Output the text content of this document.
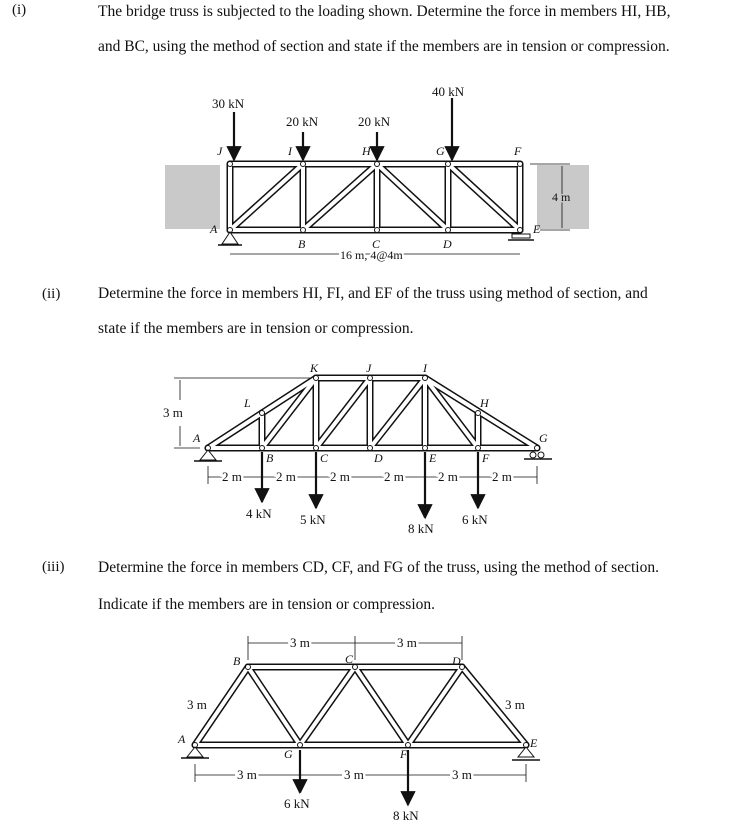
(i)	The bridge truss is subjected to the loading shown. Determine the force in members HI, HB,
and BC, using the method of section and state if the members are in tension or compression.
(ii) Determine the force in members HI, FI, and EF of the truss using method of section, and
state if the members are in tension or compression.
(iii) Determine the force in members CD, CF, and FG of the truss, using the method of section.
Indicate if the members are in tension or compression.
30 kN
20 kN	20 kN
40 kN
J	I	H	G	F
A
B	C	D
E
16 m, 4@4m
4 m
K	J	I
H
L
G
A
B	C	D	E	F
3 m
2 m	2 m	2 m	2 m	2 m	2 m
4 kN 5 kN
8 kN
6 kN
B	C	D
A	E
G	F
3 m	3 m
3 m	3 m
3 m	3 m	3 m
6 kN
8 kN
